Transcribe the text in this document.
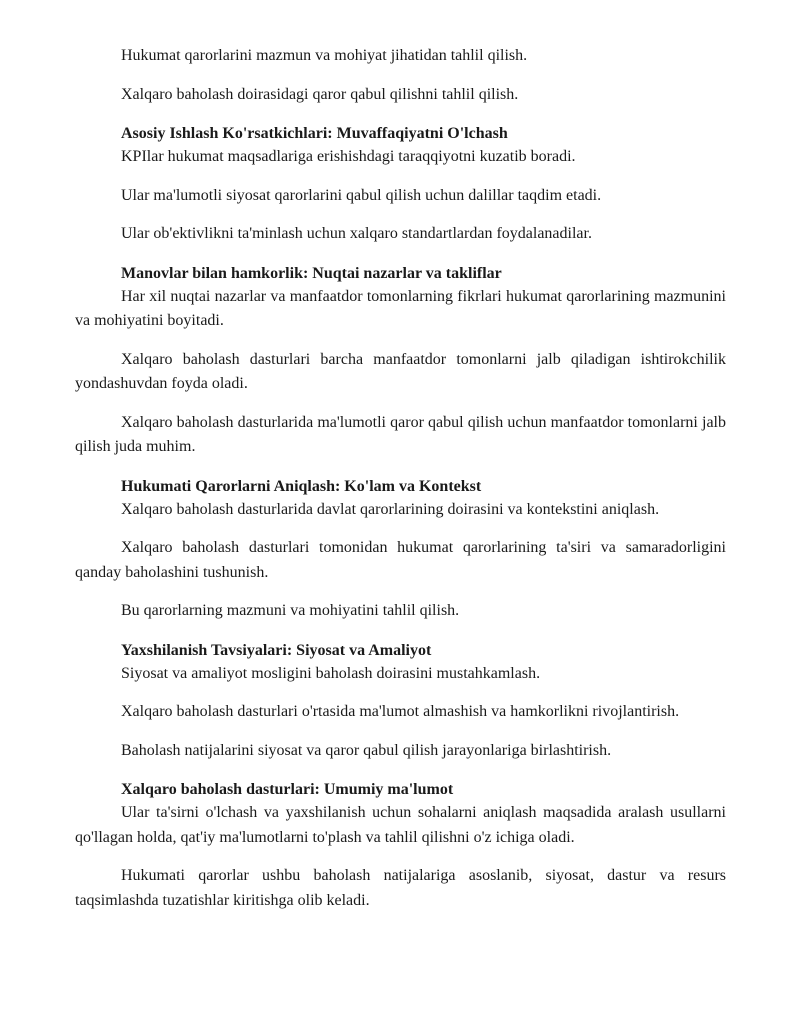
Hukumat qarorlarini mazmun va mohiyat jihatidan tahlil qilish.

Xalqaro baholash doirasidagi qaror qabul qilishni tahlil qilish.

Asosiy Ishlash Ko'rsatkichlari: Muvaffaqiyatni O'lchash

KPIlar hukumat maqsadlariga erishishdagi taraqqiyotni kuzatib boradi.

Ular ma'lumotli siyosat qarorlarini qabul qilish uchun dalillar taqdim etadi.

Ular ob'ektivlikni ta'minlash uchun xalqaro standartlardan foydalanadilar.

Manovlar bilan hamkorlik: Nuqtai nazarlar va takliflar

Har xil nuqtai nazarlar va manfaatdor tomonlarning fikrlari hukumat qarorlarining mazmunini va mohiyatini boyitadi.

Xalqaro baholash dasturlari barcha manfaatdor tomonlarni jalb qiladigan ishtirokchilik yondashuvdan foyda oladi.

Xalqaro baholash dasturlarida ma'lumotli qaror qabul qilish uchun manfaatdor tomonlarni jalb qilish juda muhim.

Hukumati Qarorlarni Aniqlash: Ko'lam va Kontekst

Xalqaro baholash dasturlarida davlat qarorlarining doirasini va kontekstini aniqlash.

Xalqaro baholash dasturlari tomonidan hukumat qarorlarining ta'siri va samaradorligini qanday baholashini tushunish.

Bu qarorlarning mazmuni va mohiyatini tahlil qilish.

Yaxshilanish Tavsiyalari: Siyosat va Amaliyot

Siyosat va amaliyot mosligini baholash doirasini mustahkamlash.

Xalqaro baholash dasturlari o'rtasida ma'lumot almashish va hamkorlikni rivojlantirish.

Baholash natijalarini siyosat va qaror qabul qilish jarayonlariga birlashtirish.

Xalqaro baholash dasturlari: Umumiy ma'lumot

Ular ta'sirni o'lchash va yaxshilanish uchun sohalarni aniqlash maqsadida aralash usullarni qo'llagan holda, qat'iy ma'lumotlarni to'plash va tahlil qilishni o'z ichiga oladi.

Hukumati qarorlar ushbu baholash natijalariga asoslanib, siyosat, dastur va resurs taqsimlashda tuzatishlar kiritishga olib keladi.
